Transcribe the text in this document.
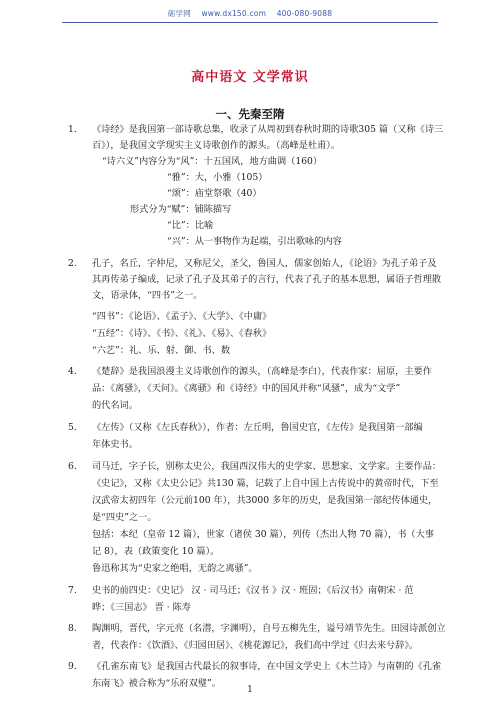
砺学网 www.dx150.com 400-080-9088
高中语文 文学常识
一、先秦至隋
1. 《诗经》是我国第一部诗歌总集，收录了从周初到春秋时期的诗歌305 篇（又称《诗三
百》），是我国文学现实主义诗歌创作的源头。（高峰是杜甫）。
“诗六义”内容分为“风”：十五国风，地方曲调（160）
“雅”：大，小雅（105）
“颂”：庙堂祭歌（40）
形式分为“赋”：铺陈描写
“比”：比喻
“兴”：从一事物作为起端，引出歌咏的内容
2. 孔子，名丘，字仲尼，又称尼父，圣父，鲁国人，儒家创始人，《论语》为孔子弟子及
其再传弟子编成，记录了孔子及其弟子的言行，代表了孔子的基本思想，属语子哲理散
文，语录体，“四书”之一。
“四书”：《论语》、《孟子》、《大学》、《中庸》
“五经”：《诗》、《书》、《礼》、《易》、《春秋》
“六艺”：礼、乐、射、御、书、数
4. 《楚辞》是我国浪漫主义诗歌创作的源头，（高峰是李白），代表作家：屈原，主要作
品：《离骚》，《天问》。《离骚》和《诗经》中的国风并称“风骚”，成为“文学”
的代名词。
5. 《左传》（又称《左氏春秋》），作者：左丘明，鲁国史官，《左传》是我国第一部编
年体史书。
6. 司马迁，字子长，别称太史公，我国西汉伟大的史学家、思想家、文学家。主要作品：
《史记》，又称《太史公记》共130 篇，记载了上自中国上古传说中的黄帝时代，下至
汉武帝太初四年（公元前100 年），共3000 多年的历史，是我国第一部纪传体通史，
是“四史”之一。
包括：本纪（皇帝 12 篇），世家（诸侯 30 篇），列传（杰出人物 70 篇），书（大事
记 8），表（政策变化 10 篇）。
鲁迅称其为“史家之绝唱，无韵之离骚”。
7. 史书的前四史：《史记》 汉 · 司马迁；《汉书 》汉 · 班固；《后汉书》南朝宋 · 范
晔；《三国志》 晋 · 陈寿
8. 陶渊明，晋代，字元亮（名潜，字渊明），自号五柳先生，谥号靖节先生。田园诗派创立
者，代表作：《饮酒》、《归园田居》、《桃花源记》，我们高中学过《归去来兮辞》。
9. 《孔雀东南飞》是我国古代最长的叙事诗，在中国文学史上《木兰诗》与南朝的《孔雀
东南飞》被合称为“乐府双璧”。
1
